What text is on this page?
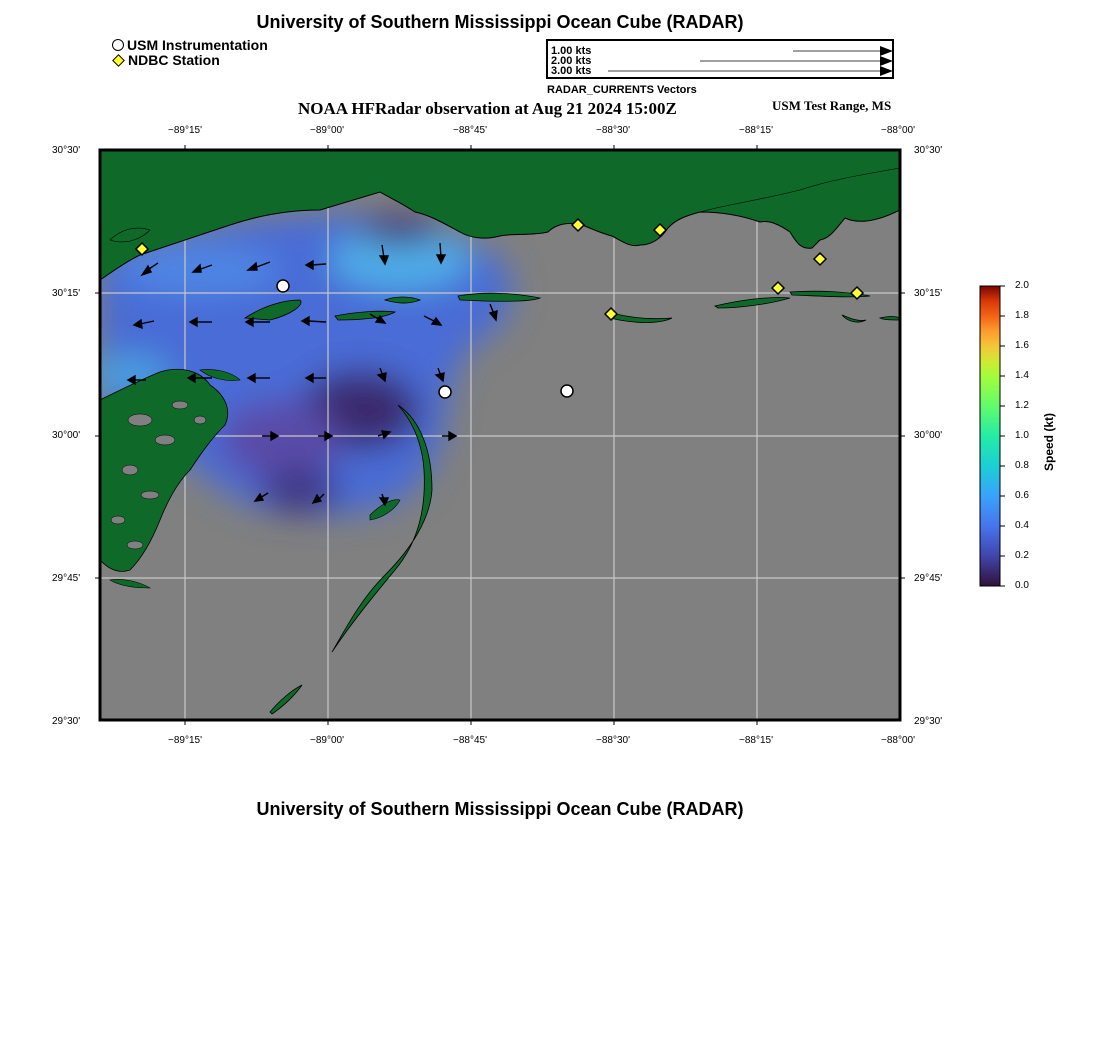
University of Southern Mississippi Ocean Cube (RADAR)
USM Instrumentation
NDBC Station
1.00 kts
2.00 kts
3.00 kts
RADAR_CURRENTS Vectors
NOAA HFRadar observation at Aug 21 2024 15:00Z	USM Test Range, MS
−89°15'	−89°00'	−88°45'	−88°30'	−88°15'	−88°00'
−89°15'	−89°00'	−88°45'	−88°30'	−88°15'	−88°00'
30°30'
30°15'
30°00'
29°45'
29°30'
30°30'
30°15'
30°00'
29°45'
29°30'
2.0
1.8
1.6
1.4
1.2
1.0
0.8
0.6
0.4
0.2
0.0
Speed (kt)
University of Southern Mississippi Ocean Cube (RADAR)
